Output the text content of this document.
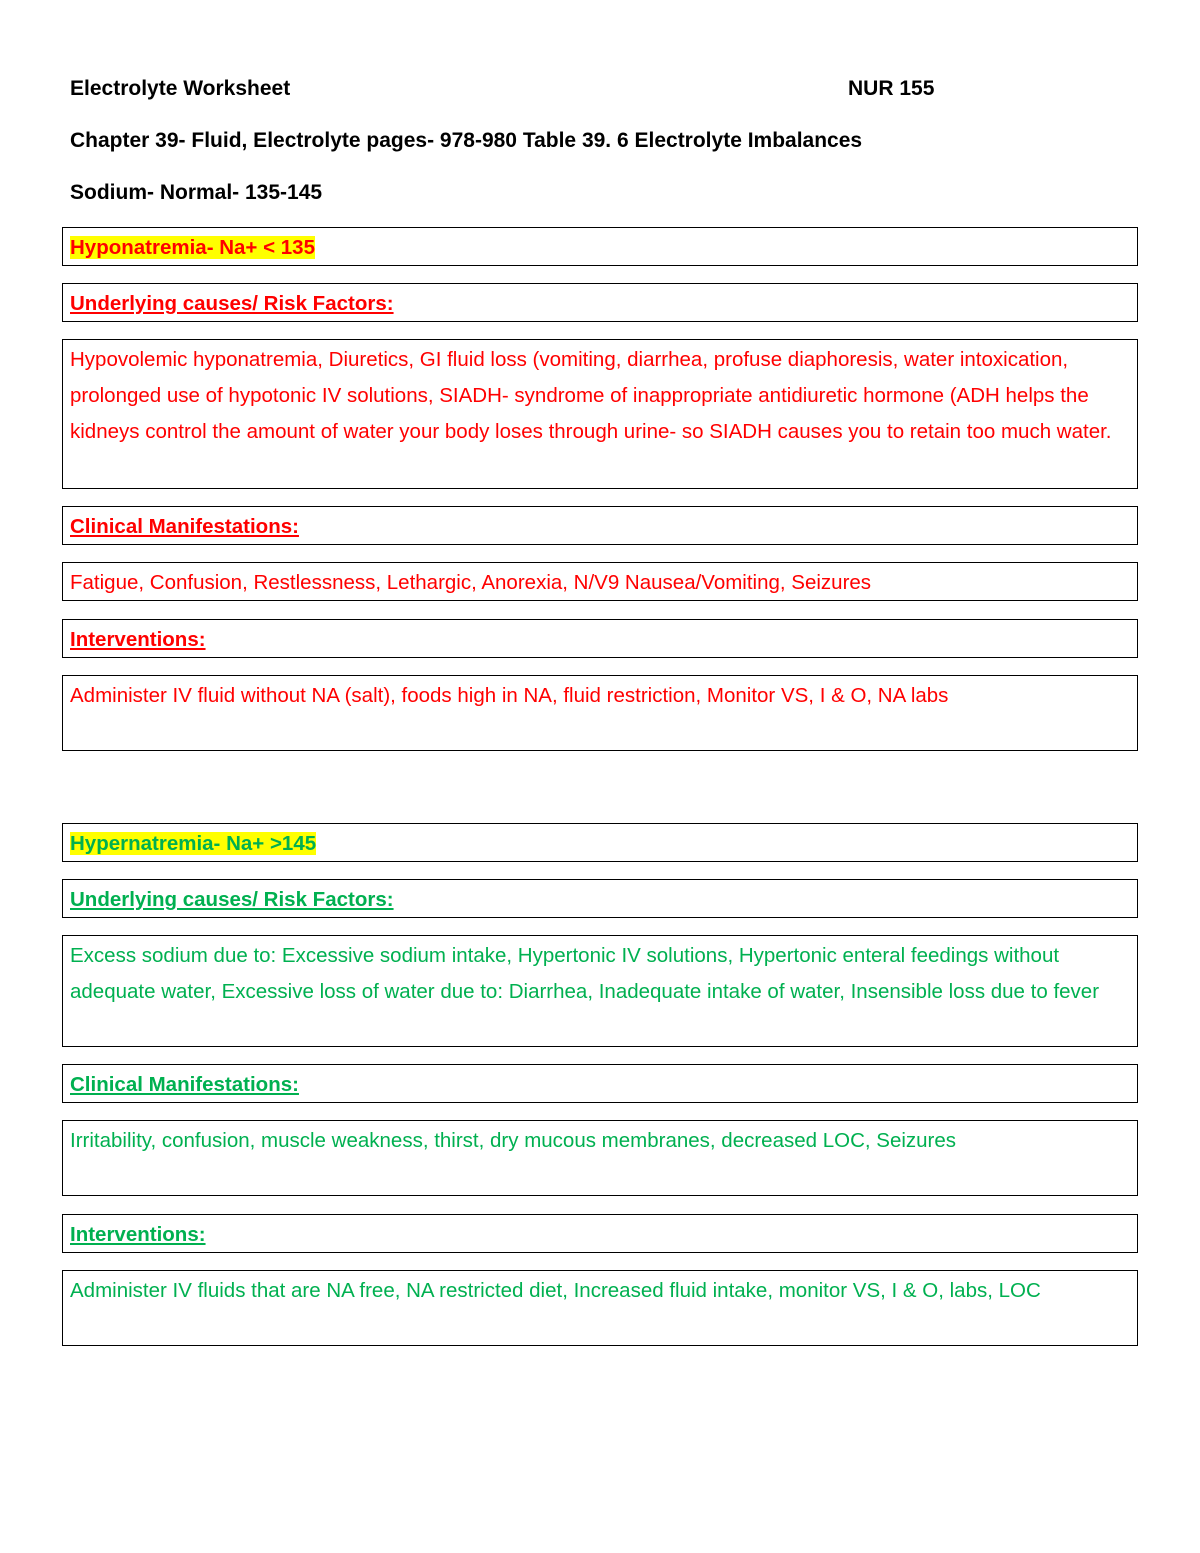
Electrolyte Worksheet	NUR 155
Chapter 39- Fluid, Electrolyte pages- 978-980 Table 39. 6 Electrolyte Imbalances
Sodium- Normal- 135-145
Hyponatremia- Na+ < 135
Underlying causes/ Risk Factors:
Hypovolemic hyponatremia, Diuretics, GI fluid loss (vomiting, diarrhea, profuse diaphoresis, water intoxication, prolonged use of hypotonic IV solutions, SIADH- syndrome of inappropriate antidiuretic hormone (ADH helps the kidneys control the amount of water your body loses through urine- so SIADH causes you to retain too much water.
Clinical Manifestations:
Fatigue, Confusion, Restlessness, Lethargic, Anorexia, N/V9 Nausea/Vomiting, Seizures
Interventions:
Administer IV fluid without NA (salt), foods high in NA, fluid restriction, Monitor VS, I & O, NA labs
Hypernatremia- Na+ >145
Underlying causes/ Risk Factors:
Excess sodium due to: Excessive sodium intake, Hypertonic IV solutions, Hypertonic enteral feedings without adequate water, Excessive loss of water due to: Diarrhea, Inadequate intake of water, Insensible loss due to fever
Clinical Manifestations:
Irritability, confusion, muscle weakness, thirst, dry mucous membranes, decreased LOC, Seizures
Interventions:
Administer IV fluids that are NA free, NA restricted diet, Increased fluid intake, monitor VS, I & O, labs, LOC
